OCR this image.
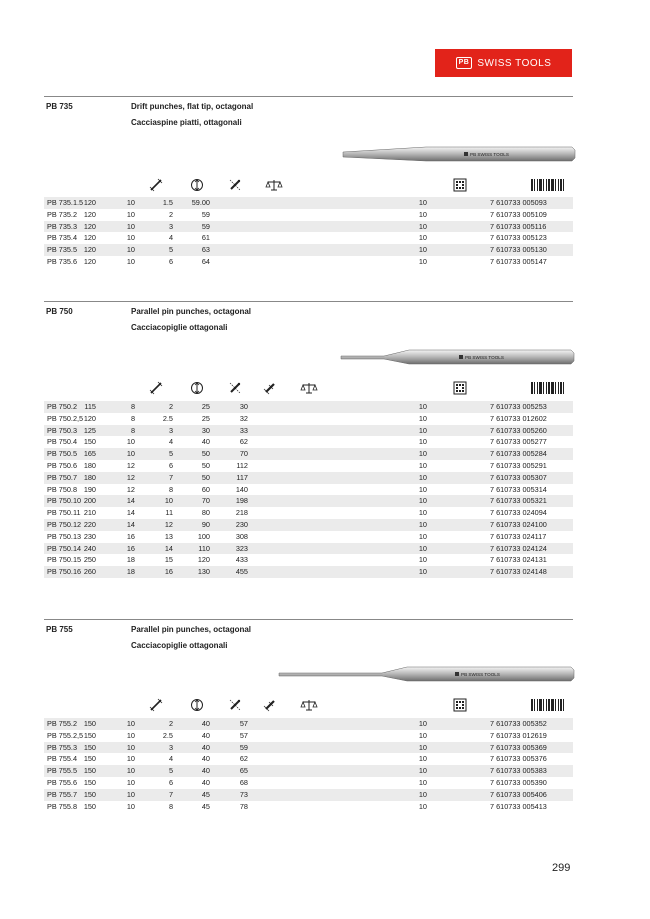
PB SWISS TOOLS
PB 735	Drift punches, flat tip, octagonal
Cacciaspine piatti, ottagonali
PB SWISS TOOLS
PB 735.1.5 120	10	1.5	59.00	10	7 610733 005093
PB 735.2 120	10	2	59	10	7 610733 005109
PB 735.3 120	10	3	59	10	7 610733 005116
PB 735.4 120	10	4	61	10	7 610733 005123
PB 735.5 120	10	5	63	10	7 610733 005130
PB 735.6 120	10	6	64	10	7 610733 005147
PB 750	Parallel pin punches, octagonal
Cacciacopiglie ottagonali
PB SWISS TOOLS
PB 750.2	115	8	2	25	30	10	7 610733 005253
PB 750.2,5 120	8	2.5	25	32	10	7 610733 012602
PB 750.3 125	8	3	30	33	10	7 610733 005260
PB 750.4 150	10	4	40	62	10	7 610733 005277
PB 750.5 165	10	5	50	70	10	7 610733 005284
PB 750.6 180	12	6	50	112	10	7 610733 005291
PB 750.7 180	12	7	50	117	10	7 610733 005307
PB 750.8 190	12	8	60	140	10	7 610733 005314
PB 750.10 200	14	10	70	198	10	7 610733 005321
PB 750.11 210	14	11	80	218	10	7 610733 024094
PB 750.12 220	14	12	90	230	10	7 610733 024100
PB 750.13 230	16	13	100	308	10	7 610733 024117
PB 750.14 240	16	14	110	323	10	7 610733 024124
PB 750.15 250	18	15	120	433	10	7 610733 024131
PB 750.16 260	18	16	130	455	10	7 610733 024148
PB 755	Parallel pin punches, octagonal
Cacciacopiglie ottagonali
PB SWISS TOOLS
PB 755.2 150	10	2	40	57	10	7 610733 005352
PB 755.2,5 150	10	2.5	40	57	10	7 610733 012619
PB 755.3 150	10	3	40	59	10	7 610733 005369
PB 755.4 150	10	4	40	62	10	7 610733 005376
PB 755.5 150	10	5	40	65	10	7 610733 005383
PB 755.6 150	10	6	40	68	10	7 610733 005390
PB 755.7 150	10	7	45	73	10	7 610733 005406
PB 755.8 150	10	8	45	78	10	7 610733 005413
299
